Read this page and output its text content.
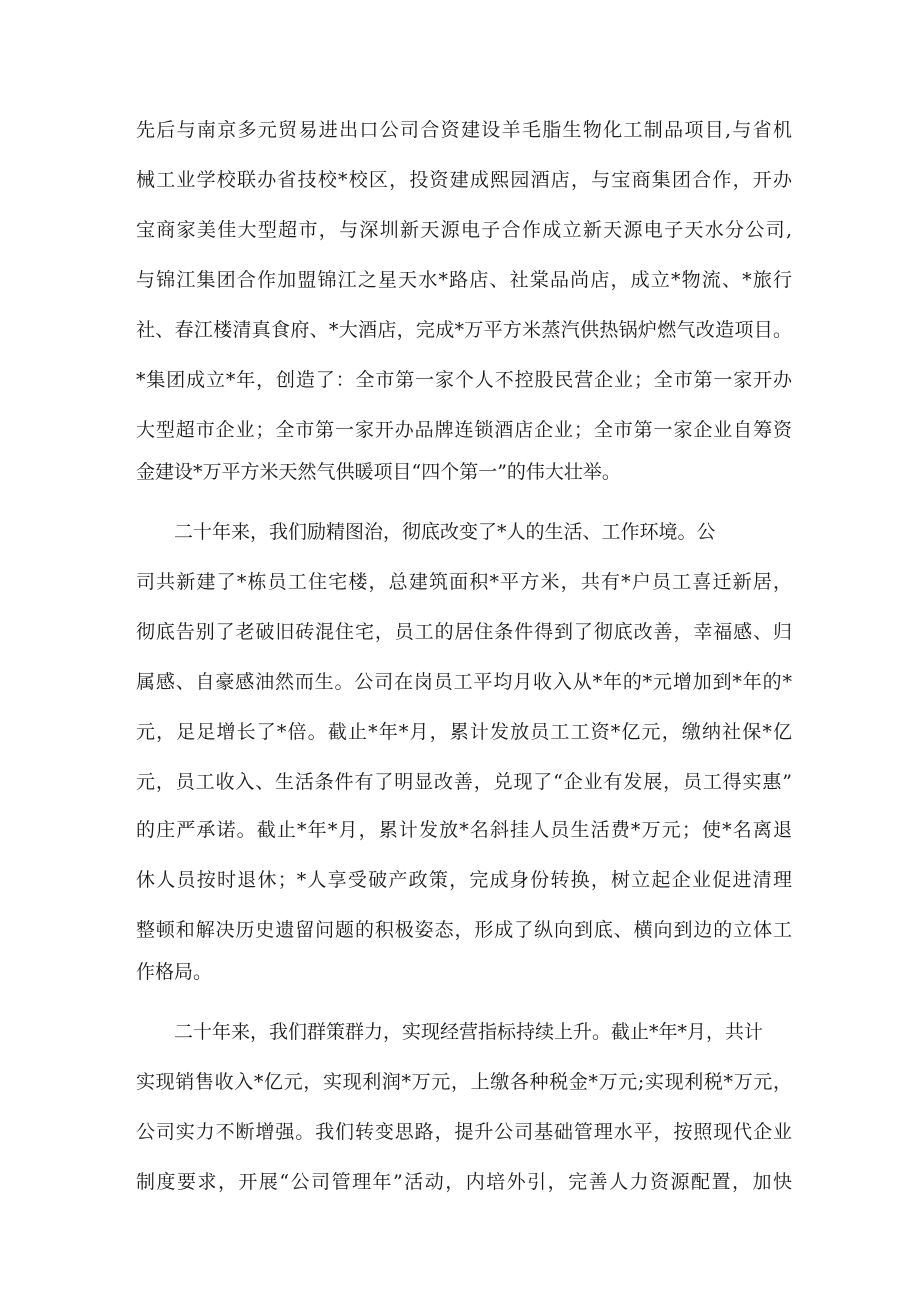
先后与南京多元贸易进出口公司合资建设羊毛脂生物化工制品项目,与省机
械工业学校联办省技校*校区，投资建成熙园酒店，与宝商集团合作，开办
宝商家美佳大型超市，与深圳新天源电子合作成立新天源电子天水分公司,
与锦江集团合作加盟锦江之星天水*路店、社棠品尚店，成立*物流、*旅行
社、春江楼清真食府、*大酒店，完成*万平方米蒸汽供热锅炉燃气改造项目。
*集团成立*年，创造了：全市第一家个人不控股民营企业；全市第一家开办
大型超市企业；全市第一家开办品牌连锁酒店企业；全市第一家企业自筹资
金建设*万平方米天然气供暖项目“四个第一”的伟大壮举。
　　二十年来，我们励精图治，彻底改变了*人的生活、工作环境。公
司共新建了*栋员工住宅楼，总建筑面积*平方米，共有*户员工喜迁新居，
彻底告别了老破旧砖混住宅，员工的居住条件得到了彻底改善，幸福感、归
属感、自豪感油然而生。公司在岗员工平均月收入从*年的*元增加到*年的*
元，足足增长了*倍。截止*年*月，累计发放员工工资*亿元，缴纳社保*亿
元，员工收入、生活条件有了明显改善，兑现了“企业有发展，员工得实惠”
的庄严承诺。截止*年*月，累计发放*名斜挂人员生活费*万元；使*名离退
休人员按时退休；*人享受破产政策，完成身份转换，树立起企业促进清理
整顿和解决历史遗留问题的积极姿态，形成了纵向到底、横向到边的立体工
作格局。
　　二十年来，我们群策群力，实现经营指标持续上升。截止*年*月，共计
实现销售收入*亿元，实现利润*万元，上缴各种税金*万元;实现利税*万元，
公司实力不断增强。我们转变思路，提升公司基础管理水平，按照现代企业
制度要求，开展“公司管理年”活动，内培外引，完善人力资源配置，加快
